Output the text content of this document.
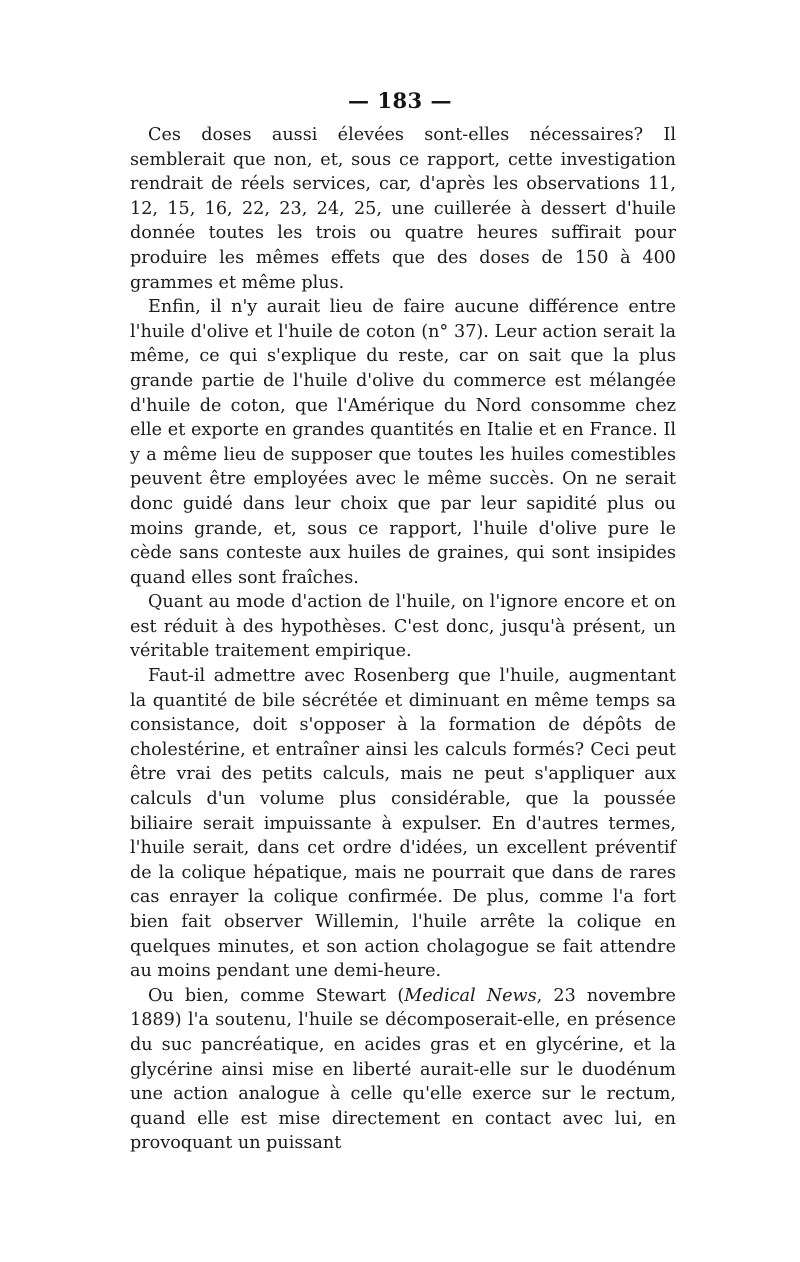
— 183 —

Ces doses aussi élevées sont-elles nécessaires? Il semblerait que non, et, sous ce rapport, cette investigation rendrait de réels services, car, d'après les observations 11, 12, 15, 16, 22, 23, 24, 25, une cuillerée à dessert d'huile donnée toutes les trois ou quatre heures suffirait pour produire les mêmes effets que des doses de 150 à 400 grammes et même plus.

Enfin, il n'y aurait lieu de faire aucune différence entre l'huile d'olive et l'huile de coton (n° 37). Leur action serait la même, ce qui s'explique du reste, car on sait que la plus grande partie de l'huile d'olive du commerce est mélangée d'huile de coton, que l'Amérique du Nord consomme chez elle et exporte en grandes quantités en Italie et en France. Il y a même lieu de supposer que toutes les huiles comestibles peuvent être employées avec le même succès. On ne serait donc guidé dans leur choix que par leur sapidité plus ou moins grande, et, sous ce rapport, l'huile d'olive pure le cède sans conteste aux huiles de graines, qui sont insipides quand elles sont fraîches.

Quant au mode d'action de l'huile, on l'ignore encore et on est réduit à des hypothèses. C'est donc, jusqu'à présent, un véritable traitement empirique.

Faut-il admettre avec Rosenberg que l'huile, augmentant la quantité de bile sécrétée et diminuant en même temps sa consistance, doit s'opposer à la formation de dépôts de cholestérine, et entraîner ainsi les calculs formés? Ceci peut être vrai des petits calculs, mais ne peut s'appliquer aux calculs d'un volume plus considérable, que la poussée biliaire serait impuissante à expulser. En d'autres termes, l'huile serait, dans cet ordre d'idées, un excellent préventif de la colique hépatique, mais ne pourrait que dans de rares cas enrayer la colique confirmée. De plus, comme l'a fort bien fait observer Willemin, l'huile arrête la colique en quelques minutes, et son action cholagogue se fait attendre au moins pendant une demi-heure.

Ou bien, comme Stewart (Medical News, 23 novembre 1889) l'a soutenu, l'huile se décomposerait-elle, en présence du suc pancréatique, en acides gras et en glycérine, et la glycérine ainsi mise en liberté aurait-elle sur le duodénum une action analogue à celle qu'elle exerce sur le rectum, quand elle est mise directement en contact avec lui, en provoquant un puissant
